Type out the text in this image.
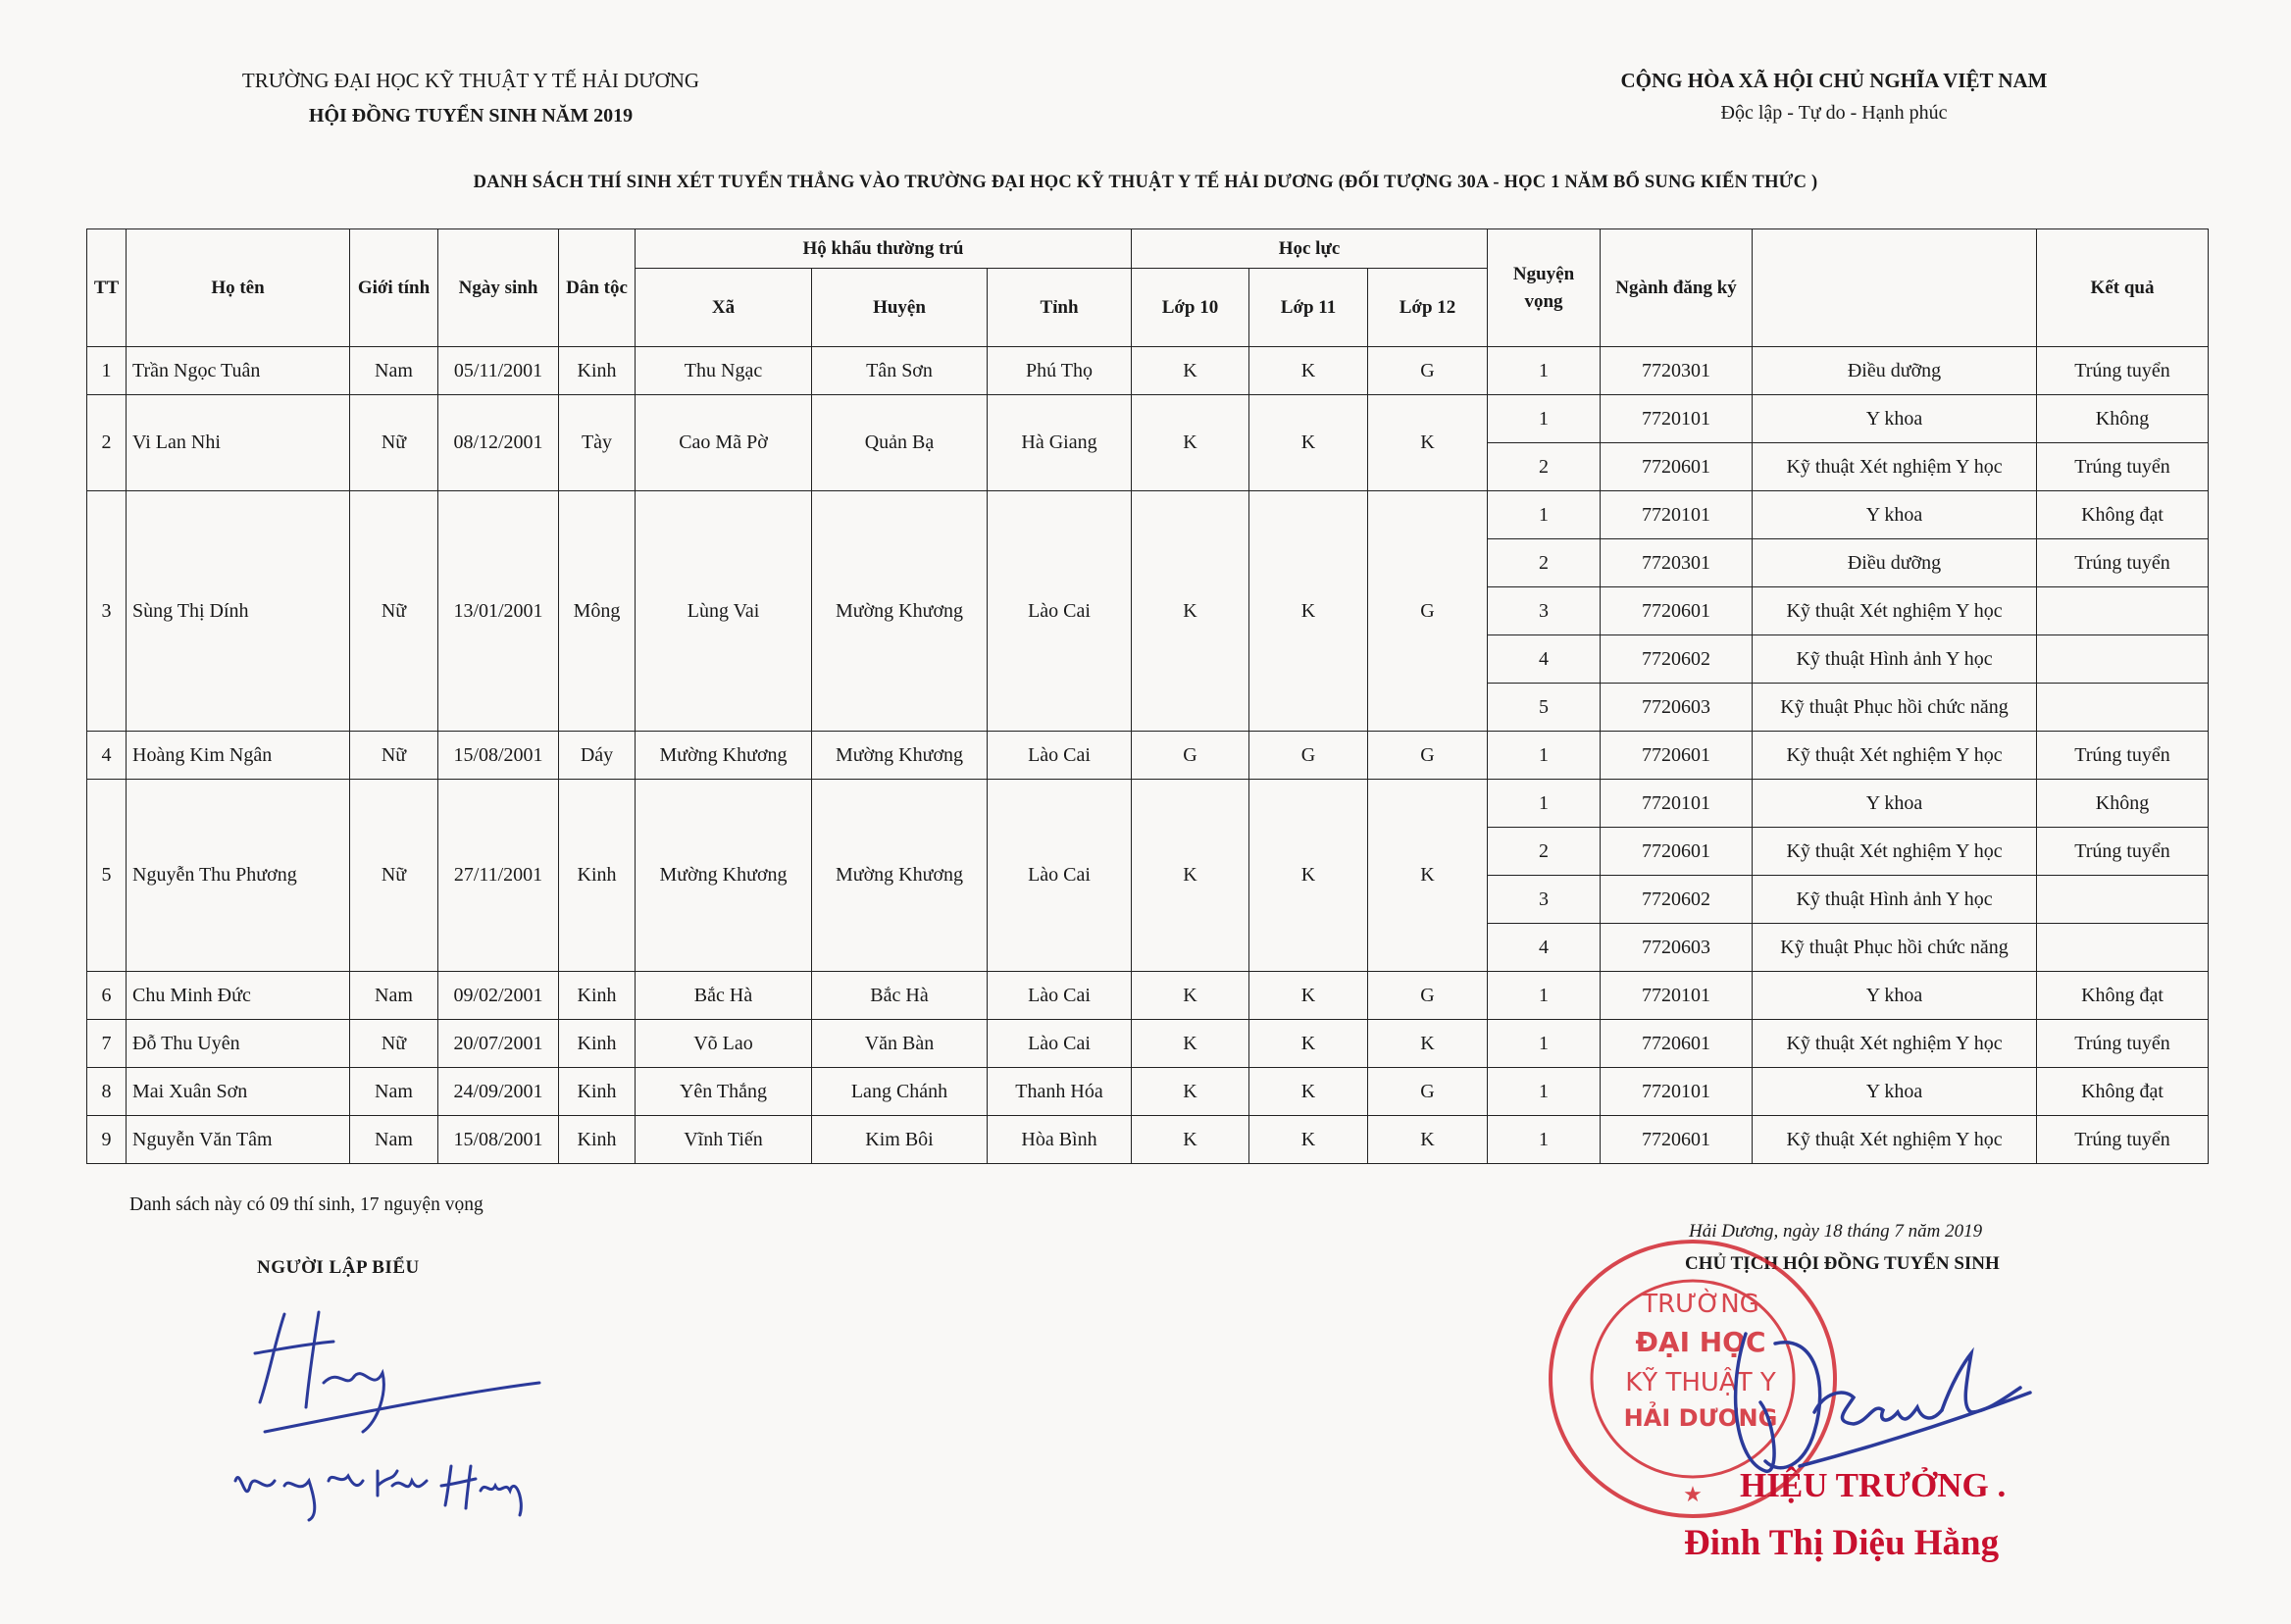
TRƯỜNG ĐẠI HỌC KỸ THUẬT Y TẾ HẢI DƯƠNG
HỘI ĐỒNG TUYỂN SINH NĂM 2019
CỘNG HÒA XÃ HỘI CHỦ NGHĨA VIỆT NAM
Độc lập - Tự do - Hạnh phúc
DANH SÁCH THÍ SINH XÉT TUYỂN THẲNG VÀO TRƯỜNG ĐẠI HỌC KỸ THUẬT Y TẾ HẢI DƯƠNG (ĐỐI TƯỢNG 30A - HỌC 1 NĂM BỔ SUNG KIẾN THỨC )
TT	Họ tên	Giới tính	Ngày sinh	Dân tộc	Hộ khẩu thường trú			Học lực			Nguyện vọng	Ngành đăng ký		Kết quả
					Xã	Huyện	Tỉnh	Lớp 10	Lớp 11	Lớp 12				
1	Trần Ngọc Tuân	Nam	05/11/2001	Kinh	Thu Ngạc	Tân Sơn	Phú Thọ	K	K	G	1	7720301	Điều dưỡng	Trúng tuyển
2	Vi Lan Nhi	Nữ	08/12/2001	Tày	Cao Mã Pờ	Quản Bạ	Hà Giang	K	K	K	1	7720101	Y khoa	Không
											2	7720601	Kỹ thuật Xét nghiệm Y học	Trúng tuyển
3	Sùng Thị Dính	Nữ	13/01/2001	Mông	Lùng Vai	Mường Khương	Lào Cai	K	K	G	1	7720101	Y khoa	Không đạt
											2	7720301	Điều dưỡng	Trúng tuyển
											3	7720601	Kỹ thuật Xét nghiệm Y học	
											4	7720602	Kỹ thuật Hình ảnh Y học	
											5	7720603	Kỹ thuật Phục hồi chức năng	
4	Hoàng Kim Ngân	Nữ	15/08/2001	Dáy	Mường Khương	Mường Khương	Lào Cai	G	G	G	1	7720601	Kỹ thuật Xét nghiệm Y học	Trúng tuyển
5	Nguyễn Thu Phương	Nữ	27/11/2001	Kinh	Mường Khương	Mường Khương	Lào Cai	K	K	K	1	7720101	Y khoa	Không
											2	7720601	Kỹ thuật Xét nghiệm Y học	Trúng tuyển
											3	7720602	Kỹ thuật Hình ảnh Y học	
											4	7720603	Kỹ thuật Phục hồi chức năng	
6	Chu Minh Đức	Nam	09/02/2001	Kinh	Bắc Hà	Bắc Hà	Lào Cai	K	K	G	1	7720101	Y khoa	Không đạt
7	Đỗ Thu Uyên	Nữ	20/07/2001	Kinh	Võ Lao	Văn Bàn	Lào Cai	K	K	K	1	7720601	Kỹ thuật Xét nghiệm Y học	Trúng tuyển
8	Mai Xuân Sơn	Nam	24/09/2001	Kinh	Yên Thắng	Lang Chánh	Thanh Hóa	K	K	G	1	7720101	Y khoa	Không đạt
9	Nguyễn Văn Tâm	Nam	15/08/2001	Kinh	Vĩnh Tiến	Kim Bôi	Hòa Bình	K	K	K	1	7720601	Kỹ thuật Xét nghiệm Y học	Trúng tuyển
Danh sách này có 09 thí sinh, 17 nguyện vọng
NGƯỜI LẬP BIỂU
Hải Dương, ngày 18 tháng 7 năm 2019
CHỦ TỊCH HỘI ĐỒNG TUYỂN SINH
TRƯỜNG
ĐẠI HỌC
KỸ THUẬT Y
HẢI DƯƠNG
★ HIỆU TRƯỞNG .
Đinh Thị Diệu Hằng
